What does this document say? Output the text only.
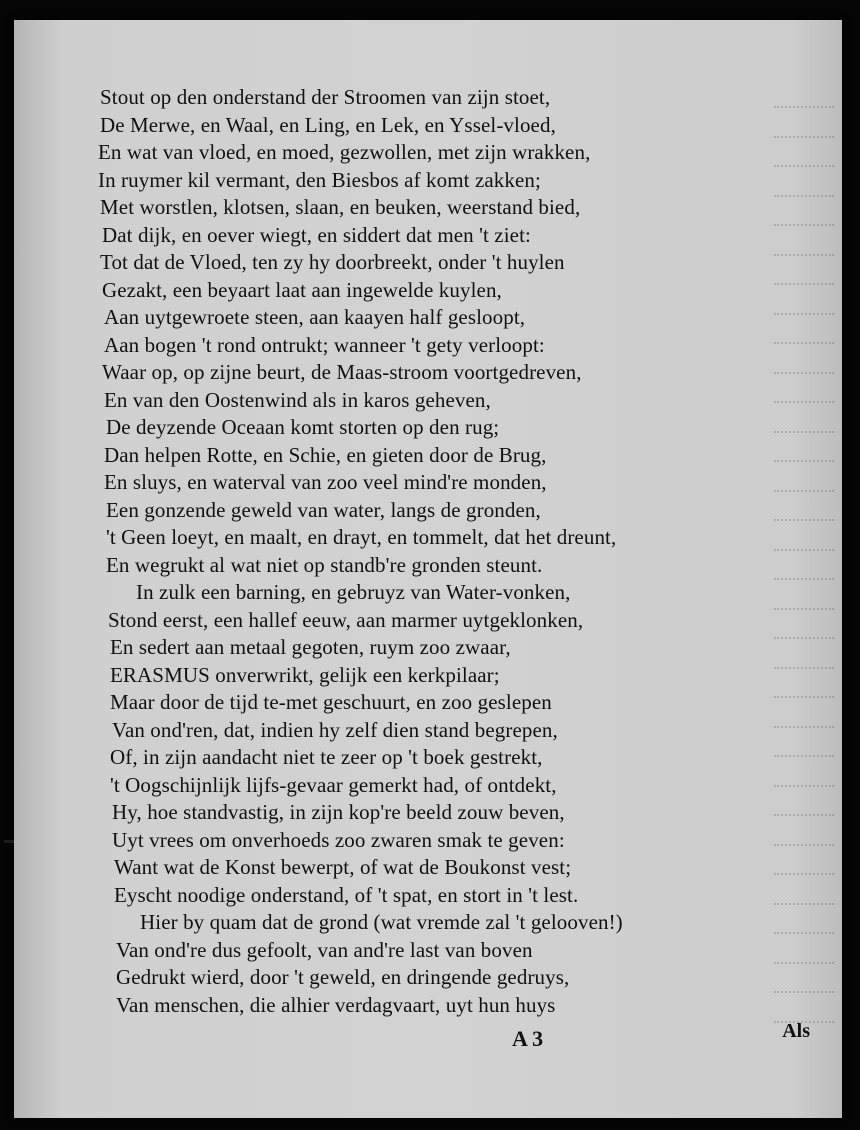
Stout op den onderstand der Stroomen van zijn stoet,
De Merwe, en Waal, en Ling, en Lek, en Yssel-vloed,
En wat van vloed, en moed, gezwollen, met zijn wrakken,
In ruymer kil vermant, den Biesbos af komt zakken;
Met worstlen, klotsen, slaan, en beuken, weerstand bied,
Dat dijk, en oever wiegt, en siddert dat men 't ziet:
Tot dat de Vloed, ten zy hy doorbreekt, onder 't huylen
Gezakt, een beyaart laat aan ingewelde kuylen,
Aan uytgewroete steen, aan kaayen half gesloopt,
Aan bogen 't rond ontrukt; wanneer 't gety verloopt:
Waar op, op zijne beurt, de Maas-stroom voortgedreven,
En van den Oostenwind als in karos geheven,
De deyzende Oceaan komt storten op den rug;
Dan helpen Rotte, en Schie, en gieten door de Brug,
En sluys, en waterval van zoo veel mind're monden,
Een gonzende geweld van water, langs de gronden,
't Geen loeyt, en maalt, en drayt, en tommelt, dat het dreunt,
En wegrukt al wat niet op standb're gronden steunt.
In zulk een barning, en gebruyz van Water-vonken,
Stond eerst, een hallef eeuw, aan marmer uytgeklonken,
En sedert aan metaal gegoten, ruym zoo zwaar,
ERASMUS onverwrikt, gelijk een kerkpilaar;
Maar door de tijd te-met geschuurt, en zoo geslepen
Van ond'ren, dat, indien hy zelf dien stand begrepen,
Of, in zijn aandacht niet te zeer op 't boek gestrekt,
't Oogschijnlijk lijfs-gevaar gemerkt had, of ontdekt,
Hy, hoe standvastig, in zijn kop're beeld zouw beven,
Uyt vrees om onverhoeds zoo zwaren smak te geven:
Want wat de Konst bewerpt, of wat de Boukonst vest;
Eyscht noodige onderstand, of 't spat, en stort in 't lest.
Hier by quam dat de grond (wat vremde zal 't gelooven!)
Van ond're dus gefoolt, van and're last van boven
Gedrukt wierd, door 't geweld, en dringende gedruys,
Van menschen, die alhier verdagvaart, uyt hun huys
A 3	Als
